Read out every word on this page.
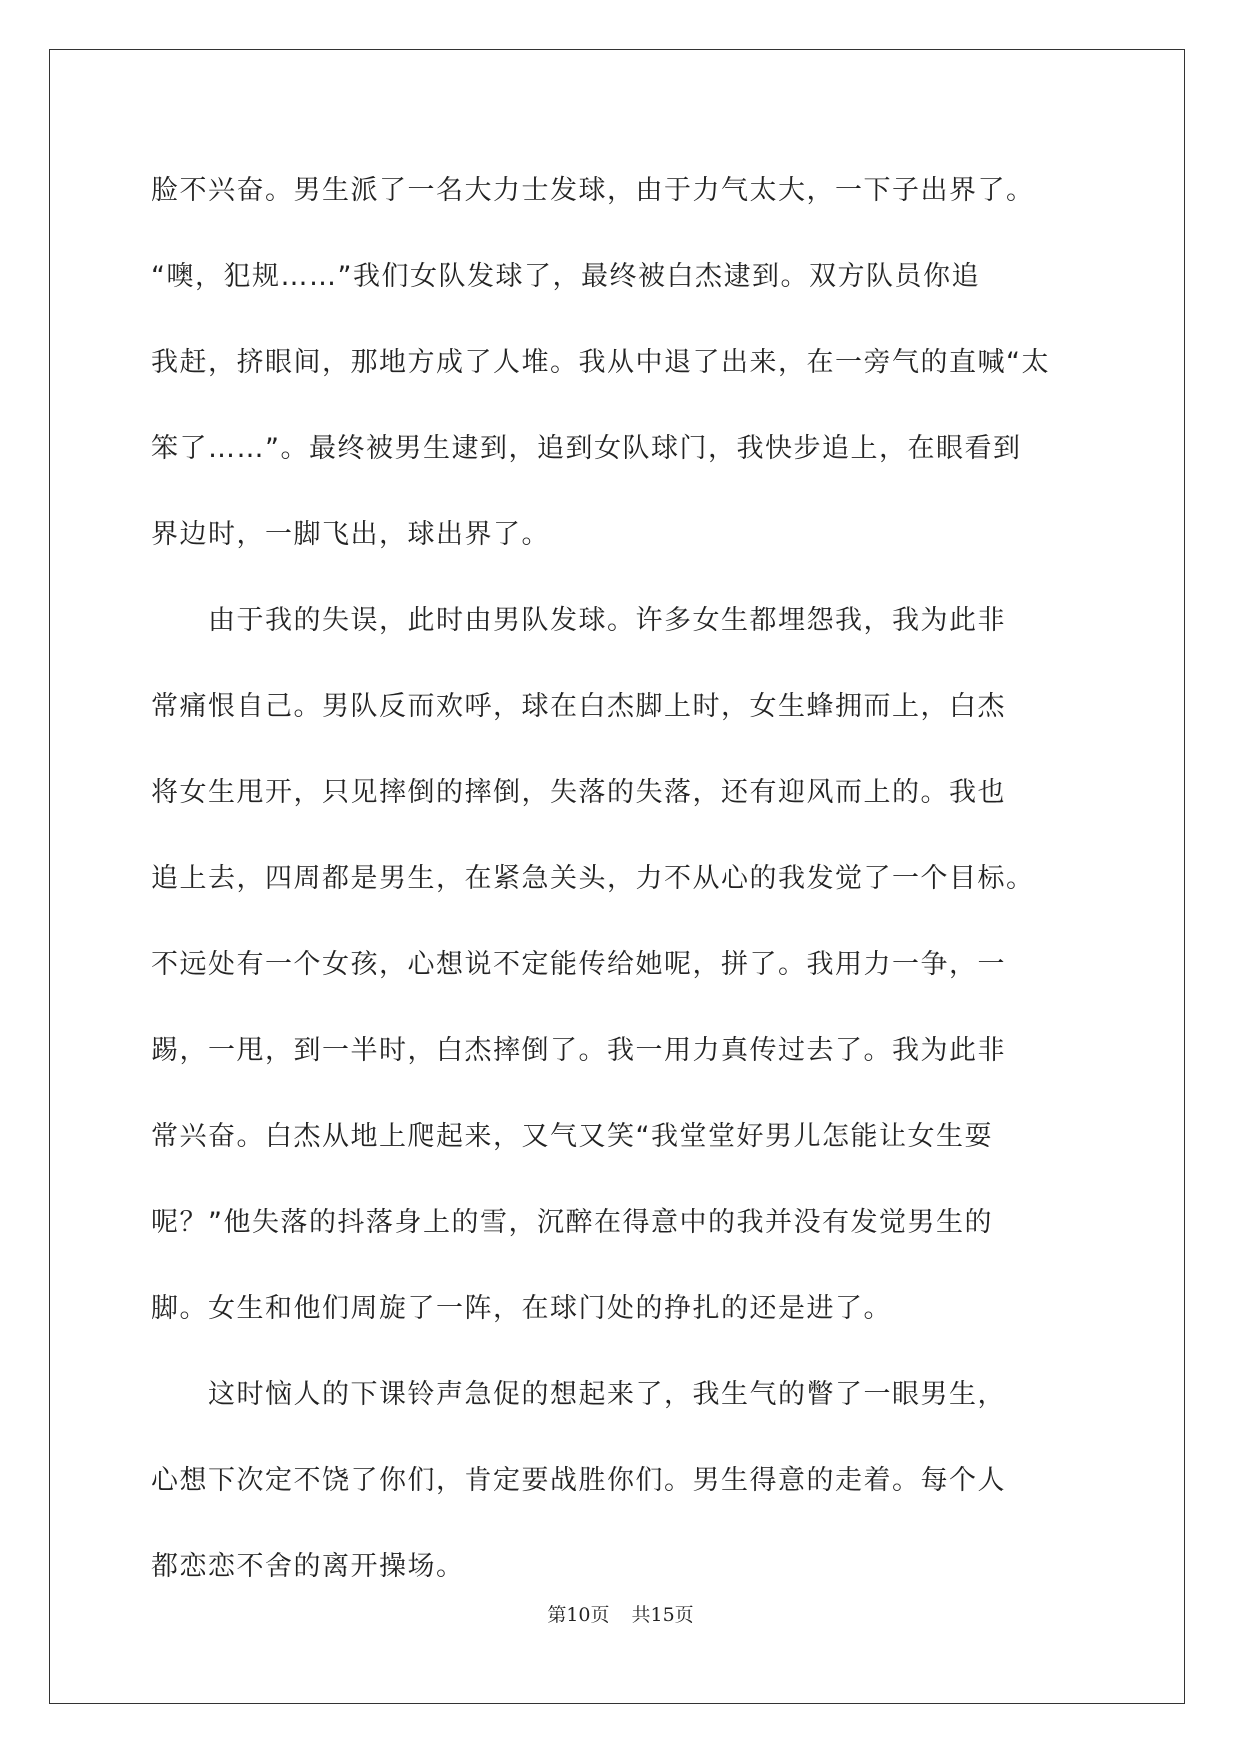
脸不兴奋。男生派了一名大力士发球，由于力气太大，一下子出界了。
“噢，犯规……”我们女队发球了，最终被白杰逮到。双方队员你追
我赶，挤眼间，那地方成了人堆。我从中退了出来，在一旁气的直喊“太
笨了……”。最终被男生逮到，追到女队球门，我快步追上，在眼看到
界边时，一脚飞出，球出界了。
　　由于我的失误，此时由男队发球。许多女生都埋怨我，我为此非
常痛恨自己。男队反而欢呼，球在白杰脚上时，女生蜂拥而上，白杰
将女生甩开，只见摔倒的摔倒，失落的失落，还有迎风而上的。我也
追上去，四周都是男生，在紧急关头，力不从心的我发觉了一个目标。
不远处有一个女孩，心想说不定能传给她呢，拼了。我用力一争，一
踢，一甩，到一半时，白杰摔倒了。我一用力真传过去了。我为此非
常兴奋。白杰从地上爬起来，又气又笑“我堂堂好男儿怎能让女生耍
呢？”他失落的抖落身上的雪，沉醉在得意中的我并没有发觉男生的
脚。女生和他们周旋了一阵，在球门处的挣扎的还是进了。
　　这时恼人的下课铃声急促的想起来了，我生气的瞥了一眼男生，
心想下次定不饶了你们，肯定要战胜你们。男生得意的走着。每个人
都恋恋不舍的离开操场。
第10页 共15页
